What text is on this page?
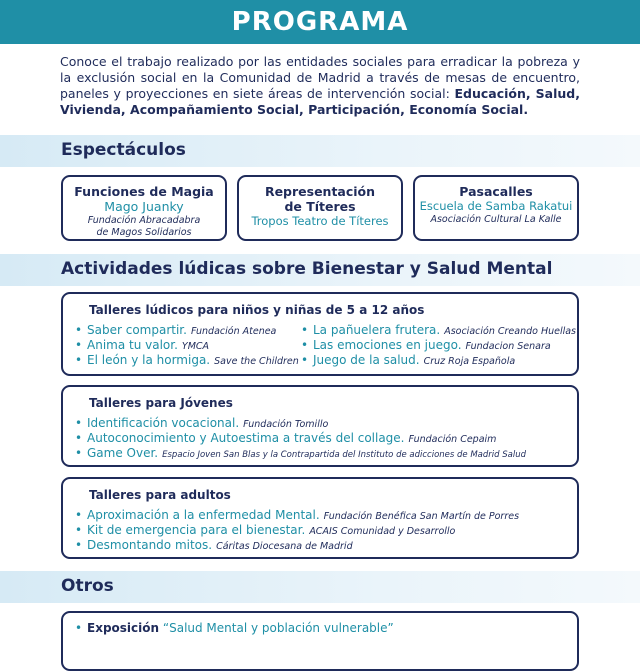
PROGRAMA
Conoce el trabajo realizado por las entidades sociales para erradicar la pobreza y la exclusión social en la Comunidad de Madrid a través de mesas de encuentro, paneles y proyecciones en siete áreas de intervención social: Educación, Salud, Vivienda, Acompañamiento Social, Participación, Economía Social.
Espectáculos
Funciones de Magia
Mago Juanky
Fundación Abracadabra de Magos Solidarios
Representación de Títeres
Tropos Teatro de Títeres
Pasacalles
Escuela de Samba Rakatui
Asociación Cultural La Kalle
Actividades lúdicas sobre Bienestar y Salud Mental
Talleres lúdicos para niños y niñas de 5 a 12 años
• Saber compartir. Fundación Atenea
• Anima tu valor. YMCA
• El león y la hormiga. Save the Children
• La pañuelera frutera. Asociación Creando Huellas
• Las emociones en juego. Fundacion Senara
• Juego de la salud. Cruz Roja Española
Talleres para Jóvenes
• Identificación vocacional. Fundación Tomillo
• Autoconocimiento y Autoestima a través del collage. Fundación Cepaim
• Game Over. Espacio Joven San Blas y la Contrapartida del Instituto de adicciones de Madrid Salud
Talleres para adultos
• Aproximación a la enfermedad Mental. Fundación Benéfica San Martín de Porres
• Kit de emergencia para el bienestar. ACAIS Comunidad y Desarrollo
• Desmontando mitos. Cáritas Diocesana de Madrid
Otros
• Exposición “Salud Mental y población vulnerable”
